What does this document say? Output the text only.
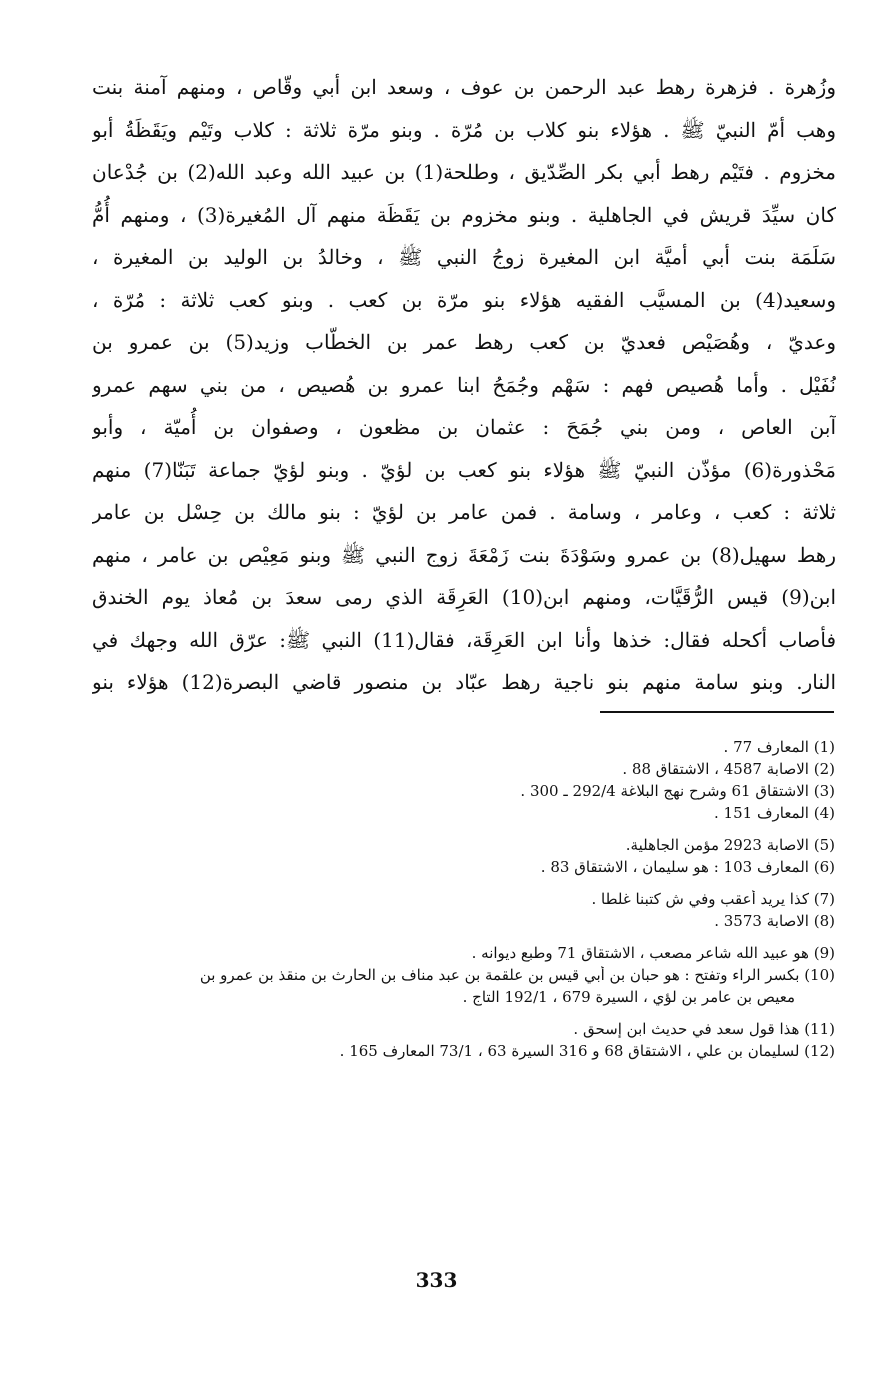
وزُهرة . فزهرة رهط عبد الرحمن بن عوف ، وسعد ابن أبي وقّاص ، ومنهم آمنة بنت
وهب أمّ النبيّ ﷺ . هؤلاء بنو كلاب بن مُرّة . وبنو مرّة ثلاثة : كلاب وتَيْم ويَقَظَةُ أبو
مخزوم . فتَيْم رهط أبي بكر الصِّدّيق ، وطلحة(1) بن عبيد الله وعبد الله(2) بن جُدْعان
كان سيِّدَ قريش في الجاهلية . وبنو مخزوم بن يَقَظَة منهم آل المُغيرة(3) ، ومنهم أُمُّ
سَلَمَة بنت أبي أميَّة ابن المغيرة زوجُ النبي ﷺ ، وخالدُ بن الوليد بن المغيرة ،
وسعيد(4) بن المسيَّب الفقيه هؤلاء بنو مرّة بن كعب . وبنو كعب ثلاثة : مُرّة ،
وعديّ ، وهُصَيْص فعديّ بن كعب رهط عمر بن الخطّاب وزيد(5) بن عمرو بن
نُفَيْل . وأما هُصيص فهم : سَهْم وجُمَحُ ابنا عمرو بن هُصيص ، من بني سهم عمرو
آبن العاص ، ومن بني جُمَحَ : عثمان بن مظعون ، وصفوان بن أُميّة ، وأبو
مَحْذورة(6) مؤذّن النبيّ ﷺ هؤلاء بنو كعب بن لؤيّ . وبنو لؤيّ جماعة تَبَنّا(7) منهم
ثلاثة : كعب ، وعامر ، وسامة . فمن عامر بن لؤيّ : بنو مالك بن حِسْل بن عامر
رهط سهيل(8) بن عمرو وسَوْدَةَ بنت زَمْعَةَ زوج النبي ﷺ وبنو مَعِيْص بن عامر ، منهم
ابن(9) قيس الرُّقَيَّات، ومنهم ابن(10) العَرِقَة الذي رمى سعدَ بن مُعاذ يوم الخندق
فأصاب أكحله فقال: خذها وأنا ابن العَرِقَة، فقال(11) النبي ﷺ: عرّق الله وجهك في
النار. وبنو سامة منهم بنو ناجية رهط عبّاد بن منصور قاضي البصرة(12) هؤلاء بنو

(1) المعارف 77 .

(2) الاصابة 4587 ، الاشتقاق 88 .

(3) الاشتقاق 61 وشرح نهج البلاغة 292/4 ـ 300 .

(4) المعارف 151 .

(5) الاصابة 2923 مؤمن الجاهلية.

(6) المعارف 103 : هو سليمان ، الاشتقاق 83 .

(7) كذا يريد أعقب وفي ش كتبنا غلطا .

(8) الاصابة 3573 .

(9) هو عبيد الله شاعر مصعب ، الاشتقاق 71 وطبع ديوانه .

(10) بكسر الراء وتفتح : هو حبان بن أبي قيس بن علقمة بن عبد مناف بن الحارث بن منقذ بن عمرو بن

معيص بن عامر بن لؤي ، السيرة 679 ، 192/1 التاج .

(11) هذا قول سعد في حديث ابن إسحق .

(12) لسليمان بن علي ، الاشتقاق 68 و 316 السيرة 63 ، 73/1 المعارف 165 .

333
